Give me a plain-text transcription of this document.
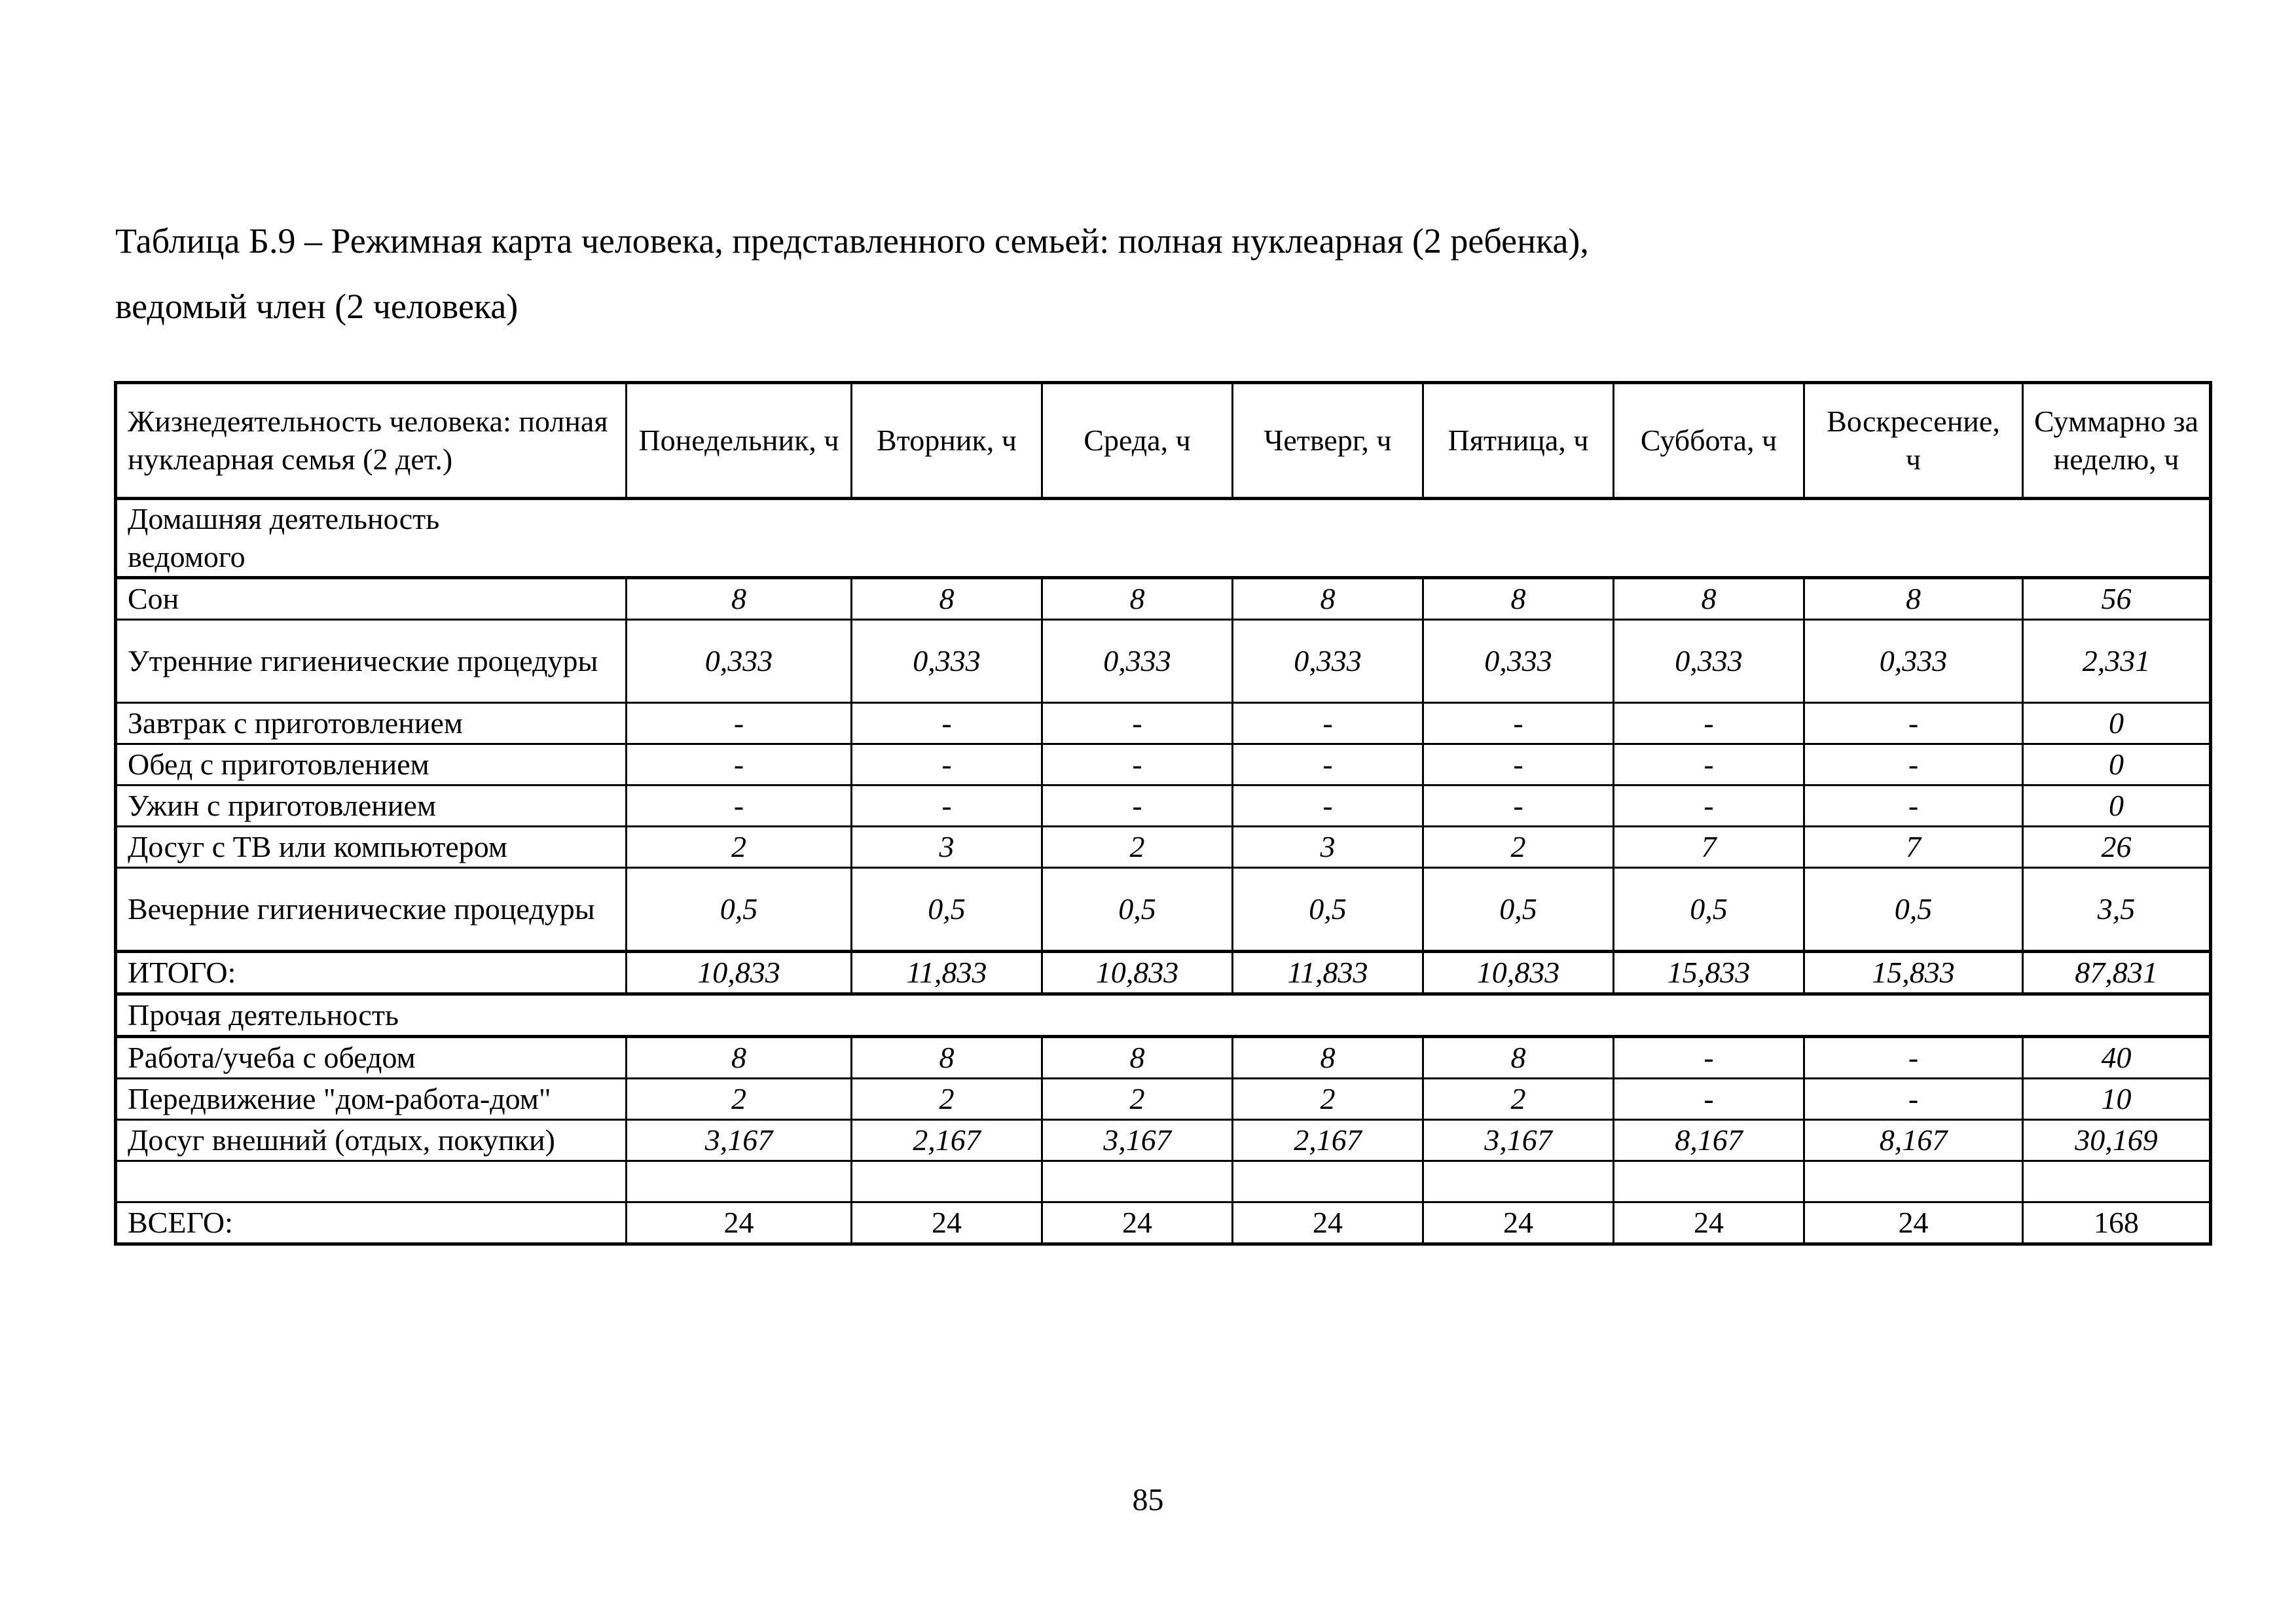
Таблица Б.9 – Режимная карта человека, представленного семьей: полная нуклеарная (2 ребенка),
ведомый член (2 человека)
Жизнедеятельность человека: полная нуклеарная семья (2 дет.)	Понедельник, ч	Вторник, ч	Среда, ч	Четверг, ч	Пятница, ч	Суббота, ч	Воскресение, ч	Суммарно за неделю, ч

Домашняя деятельность ведомого								

Сон	8	8	8	8	8	8	8	56
Утренние гигиенические процедуры	0,333	0,333	0,333	0,333	0,333	0,333	0,333	2,331
Завтрак с приготовлением	-	-	-	-	-	-	-	0
Обед с приготовлением	-	-	-	-	-	-	-	0
Ужин с приготовлением	-	-	-	-	-	-	-	0
Досуг с ТВ или компьютером	2	3	2	3	2	7	7	26
Вечерние гигиенические процедуры	0,5	0,5	0,5	0,5	0,5	0,5	0,5	3,5
ИТОГО:	10,833	11,833	10,833	11,833	10,833	15,833	15,833	87,831
Прочая деятельность								
Работа/учеба с обедом	8	8	8	8	8	-	-	40
Передвижение "дом-работа-дом"	2	2	2	2	2	-	-	10
Досуг внешний (отдых, покупки)	3,167	2,167	3,167	2,167	3,167	8,167	8,167	30,169

ВСЕГО:	24	24	24	24	24	24	24	168
85
